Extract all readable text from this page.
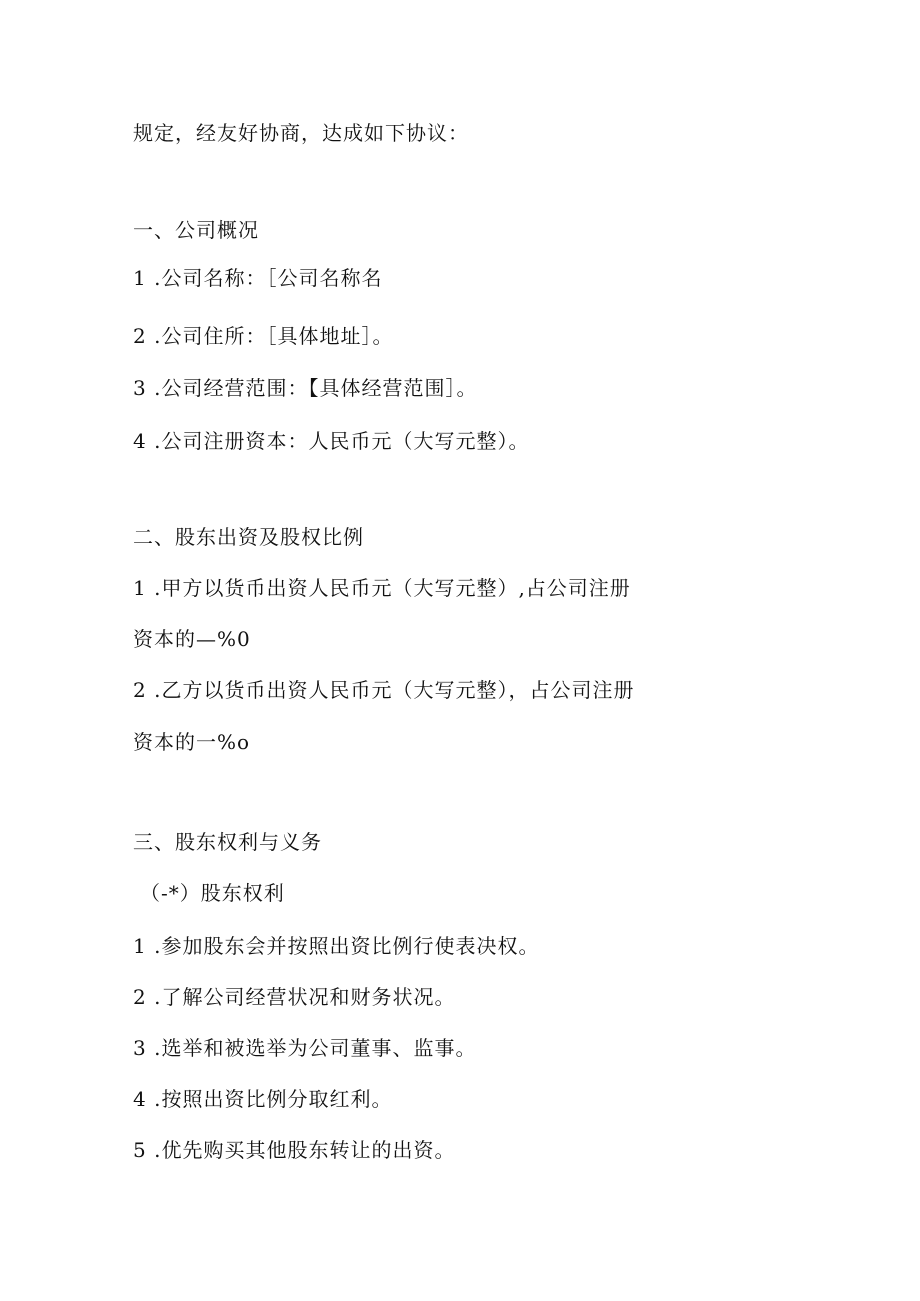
规定，经友好协商，达成如下协议：
一、公司概况
1 .公司名称：［公司名称名
2 .公司住所：［具体地址］。
3 .公司经营范围：【具体经营范围］。
4 .公司注册资本：人民币元（大写元整）。
二、股东出资及股权比例
1 .甲方以货币出资人民币元（大写元整）,占公司注册
资本的—%0
2 .乙方以货币出资人民币元（大写元整），占公司注册
资本的一%o
三、股东权利与义务
（-*）股东权利
1 .参加股东会并按照出资比例行使表决权。
2 .了解公司经营状况和财务状况。
3 .选举和被选举为公司董事、监事。
4 .按照出资比例分取红利。
5 .优先购买其他股东转让的出资。
